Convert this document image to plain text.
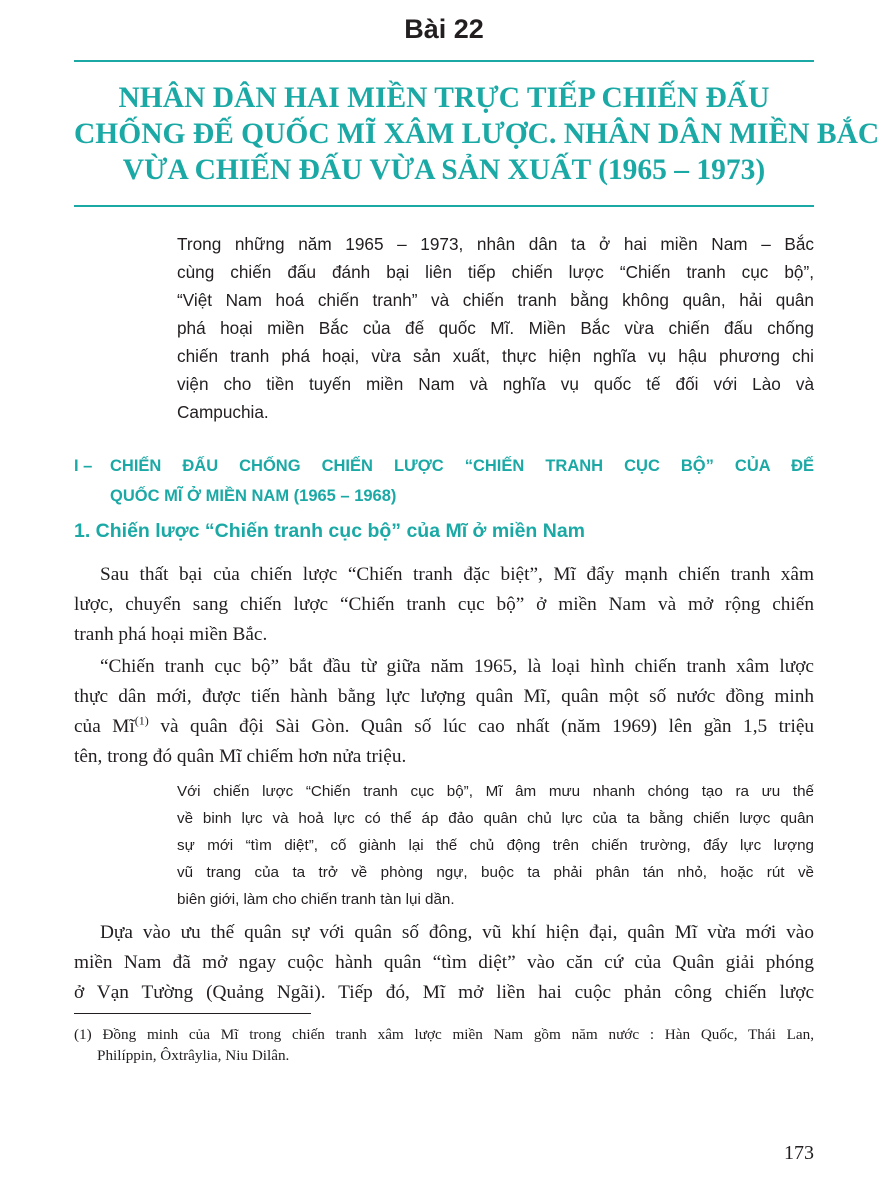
Bài 22
NHÂN DÂN HAI MIỀN TRỰC TIẾP CHIẾN ĐẤU
CHỐNG ĐẾ QUỐC MĨ XÂM LƯỢC. NHÂN DÂN MIỀN BẮC
VỪA CHIẾN ĐẤU VỪA SẢN XUẤT (1965 – 1973)
Trong những năm 1965 – 1973, nhân dân ta ở hai miền Nam – Bắc
cùng chiến đấu đánh bại liên tiếp chiến lược “Chiến tranh cục bộ”,
“Việt Nam hoá chiến tranh” và chiến tranh bằng không quân, hải quân
phá hoại miền Bắc của đế quốc Mĩ. Miền Bắc vừa chiến đấu chống
chiến tranh phá hoại, vừa sản xuất, thực hiện nghĩa vụ hậu phương chi
viện cho tiền tuyến miền Nam và nghĩa vụ quốc tế đối với Lào và
Campuchia.
I – CHIẾN ĐẤU CHỐNG CHIẾN LƯỢC “CHIẾN TRANH CỤC BỘ” CỦA ĐẾ
QUỐC MĨ Ở MIỀN NAM (1965 – 1968)
1. Chiến lược “Chiến tranh cục bộ” của Mĩ ở miền Nam
Sau thất bại của chiến lược “Chiến tranh đặc biệt”, Mĩ đẩy mạnh chiến tranh xâm
lược, chuyển sang chiến lược “Chiến tranh cục bộ” ở miền Nam và mở rộng chiến
tranh phá hoại miền Bắc.
“Chiến tranh cục bộ” bắt đầu từ giữa năm 1965, là loại hình chiến tranh xâm lược
thực dân mới, được tiến hành bằng lực lượng quân Mĩ, quân một số nước đồng minh
của $Mĩ^{(1)}$ và quân đội Sài Gòn. Quân số lúc cao nhất (năm 1969) lên gần 1,5 triệu
tên, trong đó quân Mĩ chiếm hơn nửa triệu.
Với chiến lược “Chiến tranh cục bộ”, Mĩ âm mưu nhanh chóng tạo ra ưu thế
về binh lực và hoả lực có thể áp đảo quân chủ lực của ta bằng chiến lược quân
sự mới “tìm diệt”, cố giành lại thế chủ động trên chiến trường, đẩy lực lượng
vũ trang của ta trở về phòng ngự, buộc ta phải phân tán nhỏ, hoặc rút về
biên giới, làm cho chiến tranh tàn lụi dần.
Dựa vào ưu thế quân sự với quân số đông, vũ khí hiện đại, quân Mĩ vừa mới vào
miền Nam đã mở ngay cuộc hành quân “tìm diệt” vào căn cứ của Quân giải phóng
ở Vạn Tường (Quảng Ngãi). Tiếp đó, Mĩ mở liền hai cuộc phản công chiến lược
(1) Đồng minh của Mĩ trong chiến tranh xâm lược miền Nam gồm năm nước : Hàn Quốc, Thái Lan,
Philíppin, Ôxtrâylia, Niu Dilân.
173
